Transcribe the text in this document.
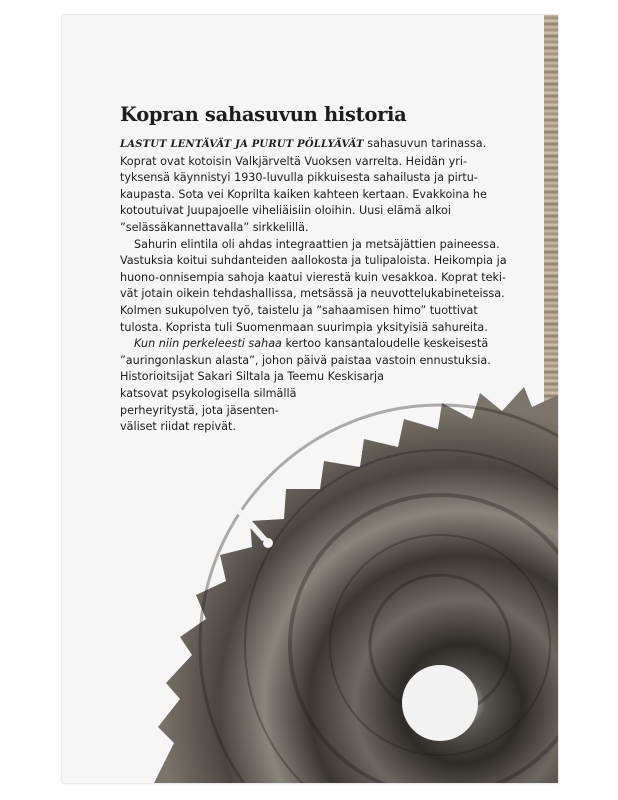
Kopran sahasuvun historia

LASTUT LENTÄVÄT JA PURUT PÖLLYÄVÄT sahasuvun tarinassa.
Koprat ovat kotoisin Valkjärveltä Vuoksen varrelta. Heidän yri-
tyksensä käynnistyi 1930-luvulla pikkuisesta sahailusta ja pirtu-
kaupasta. Sota vei Koprilta kaiken kahteen kertaan. Evakkoina he
kotoutuivat Juupajoelle viheliäisiin oloihin. Uusi elämä alkoi
”selässäkannettavalla” sirkkelillä.

Sahurin elintila oli ahdas integraattien ja metsäjättien paineessa.
Vastuksia koitui suhdanteiden aallokosta ja tulipaloista. Heikompia ja
huono-onnisempia sahoja kaatui vierestä kuin vesakkoa. Koprat teki-
vät jotain oikein tehdashallissa, metsässä ja neuvottelukabineteissa.
Kolmen sukupolven työ, taistelu ja ”sahaamisen himo” tuottivat
tulosta. Koprista tuli Suomenmaan suurimpia yksityisiä sahureita.

Kun niin perkeleesti sahaa kertoo kansantaloudelle keskeisestä
”auringonlaskun alasta”, johon päivä paistaa vastoin ennustuksia.
Historioitsijat Sakari Siltala ja Teemu Keskisarja
katsovat psykologisella silmällä
perheyritystä, jota jäsenten-
väliset riidat repivät.
